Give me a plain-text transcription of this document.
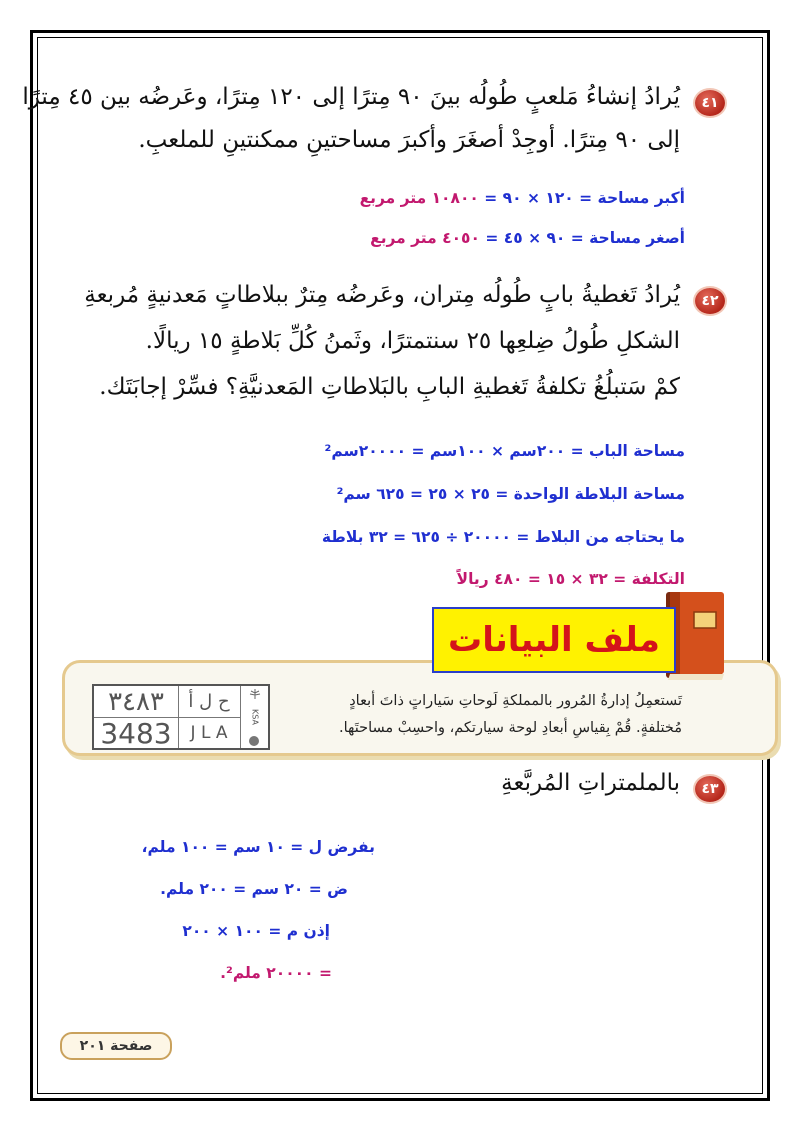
٤١
يُرادُ إنشاءُ مَلعبٍ طُولُه بينَ ٩٠ مِترًا إلى ١٢٠ مِترًا، وعَرضُه بين ٤٥ مِترًا
إلى ٩٠ مِترًا. أوجِدْ أصغَرَ وأكبرَ مساحتينِ ممكنتينِ للملعبِ.
أكبر مساحة = ١٢٠ × ٩٠ = ١٠٨٠٠ متر مربع
أصغر مساحة = ٩٠ × ٤٥ = ٤٠٥٠ متر مربع
٤٢
يُرادُ تَغطيةُ بابٍ طُولُه مِتران، وعَرضُه مِترٌ ببلاطاتٍ مَعدنيةٍ مُربعةِ
الشكلِ طُولُ ضِلعِها ٢٥ سنتمترًا، وثَمنُ كُلِّ بَلاطةٍ ١٥ ريالًا.
كمْ سَتبلُغُ تكلفةُ تَغطيةِ البابِ بالبَلاطاتِ المَعدنيَّةِ؟ فسِّرْ إجابَتَك.
مساحة الباب = ٢٠٠سم × ١٠٠سم = ٢٠٠٠٠سم²
مساحة البلاطة الواحدة = ٢٥ × ٢٥ = ٦٢٥ سم²
ما يحتاجه من البلاط = ٢٠٠٠٠ ÷ ٦٢٥ = ٣٢ بلاطة
التكلفة = ٣٢ × ١٥ = ٤٨٠ ريالاً
ملف البيانات
تَستعمِلُ إدارةُ المُرور بالمملكةِ لَوحاتِ سَياراتٍ ذاتَ أبعادٍ
مُختلفةٍ. قُمْ بِقياسِ أبعادِ لوحة سيارتكم، واحسِبْ مساحتَها.
٣٤٨٣	ح ل أ
3483	J L A
KSA
٤٣
بالملمتراتِ المُربَّعةِ
بفرض ل = ١٠ سم = ١٠٠ ملم،
ض = ٢٠ سم = ٢٠٠ ملم.
إذن م = ١٠٠ × ٢٠٠
= ٢٠٠٠٠ ملم².
صفحة ٢٠١
